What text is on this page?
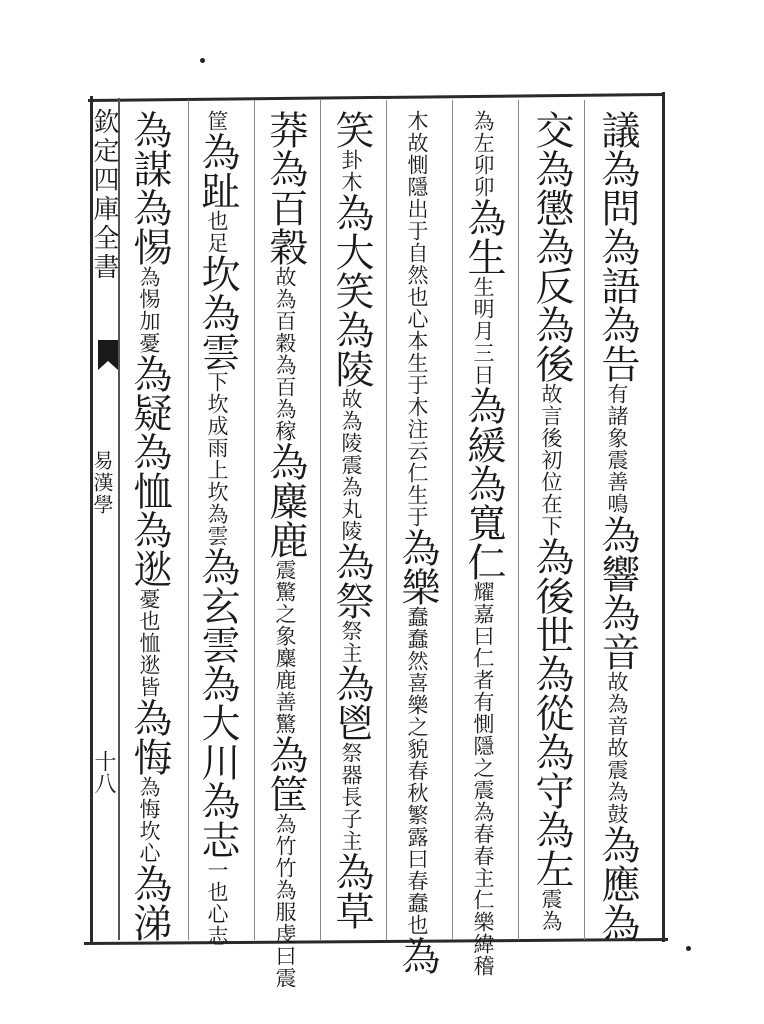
欽定四庫全書
易漢學
十八
議為問為語為告
震善鳴
有諸象
為響為音
故震為鼓
故為音
為應為
交為懲為反為後
初位在下
故言後
為後世為從為守為左震為
卯卯
為左
為生
月三日
生明
為緩為寬仁
震為春春主仁樂緯稽
耀嘉曰仁者有惻隱之
心本生于木注云仁生于
木故惻隱出于自然也
為樂
春秋繁露曰春蠢也
蠢蠢然喜樂之貌
為
笑
木
卦
為大笑為陵
震為丸陵
故為陵
為祭
主
祭
為鬯
長子主
祭器
為草
莽為百穀
為百為稼
故為百穀
為麋鹿
麋鹿善驚
震驚之象
為筐
服虔曰震
為竹竹為
筐為趾
足
也
坎為雲
上坎為雲
下坎成雨
為玄雲為大川為志
心志
一也
為謀為惕
加憂
為惕
為疑為恤為逖
恤逖皆
憂也
為悔
坎心
為悔
為涕
